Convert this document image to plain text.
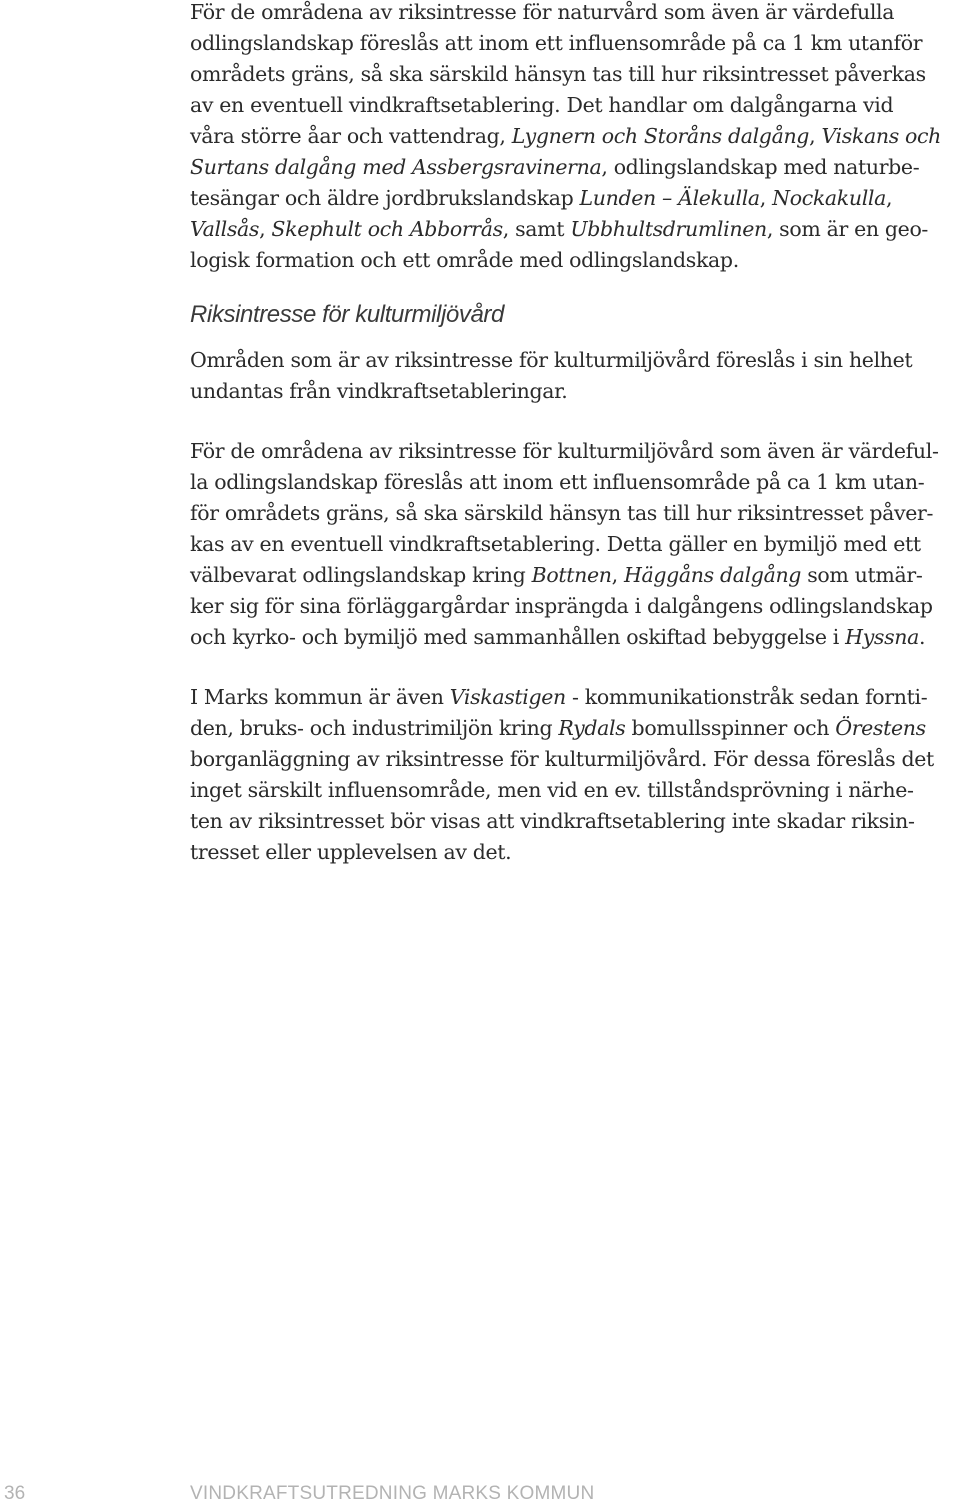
För de områdena av riksintresse för naturvård som även är värdefulla
odlingslandskap föreslås att inom ett influensområde på ca 1 km utanför
områdets gräns, så ska särskild hänsyn tas till hur riksintresset påverkas
av en eventuell vindkraftsetablering. Det handlar om dalgångarna vid
våra större åar och vattendrag, Lygnern och Storåns dalgång, Viskans och
Surtans dalgång med Assbergsravinerna, odlingslandskap med naturbe-
tesängar och äldre jordbrukslandskap Lunden – Älekulla, Nockakulla,
Vallsås, Skephult och Abborrås, samt Ubbhultsdrumlinen, som är en geo-
logisk formation och ett område med odlingslandskap.
Riksintresse för kulturmiljövård
Områden som är av riksintresse för kulturmiljövård föreslås i sin helhet
undantas från vindkraftsetableringar.
För de områdena av riksintresse för kulturmiljövård som även är värdeful-
la odlingslandskap föreslås att inom ett influensområde på ca 1 km utan-
för områdets gräns, så ska särskild hänsyn tas till hur riksintresset påver-
kas av en eventuell vindkraftsetablering. Detta gäller en bymiljö med ett
välbevarat odlingslandskap kring Bottnen, Häggåns dalgång som utmär-
ker sig för sina förläggargårdar insprängda i dalgångens odlingslandskap
och kyrko- och bymiljö med sammanhållen oskiftad bebyggelse i Hyssna.
I Marks kommun är även Viskastigen - kommunikationstråk sedan fornti-
den, bruks- och industrimiljön kring Rydals bomullsspinner och Örestens
borganläggning av riksintresse för kulturmiljövård. För dessa föreslås det
inget särskilt influensområde, men vid en ev. tillståndsprövning i närhe-
ten av riksintresset bör visas att vindkraftsetablering inte skadar riksin-
tresset eller upplevelsen av det.
36	VINDKRAFTSUTREDNING MARKS KOMMUN
